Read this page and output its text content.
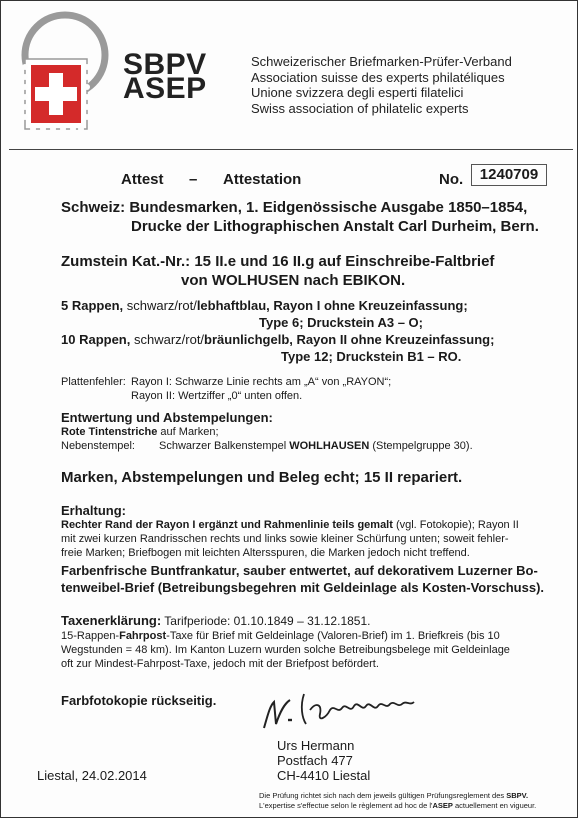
SBPV
ASEP
Schweizerischer Briefmarken-Prüfer-Verband
Association suisse des experts philatéliques
Unione svizzera degli esperti filatelici
Swiss association of philatelic experts
Attest – Attestation	No.	1240709
Schweiz: Bundesmarken, 1. Eidgenössische Ausgabe 1850–1854,
Drucke der Lithographischen Anstalt Carl Durheim, Bern.
Zumstein Kat.-Nr.: 15 II.e und 16 II.g auf Einschreibe-Faltbrief
von WOLHUSEN nach EBIKON.
5 Rappen, schwarz/rot/lebhaftblau, Rayon I ohne Kreuzeinfassung;
Type 6; Druckstein A3 – O;
10 Rappen, schwarz/rot/bräunlichgelb, Rayon II ohne Kreuzeinfassung;
Type 12; Druckstein B1 – RO.
Plattenfehler: Rayon I: Schwarze Linie rechts am „A“ von „RAYON“;
Rayon II: Wertziffer „0“ unten offen.
Entwertung und Abstempelungen:
Rote Tintenstriche auf Marken;
Nebenstempel: Schwarzer Balkenstempel WOHLHAUSEN (Stempelgruppe 30).
Marken, Abstempelungen und Beleg echt; 15 II repariert.
Erhaltung:
Rechter Rand der Rayon I ergänzt und Rahmenlinie teils gemalt (vgl. Fotokopie); Rayon II
mit zwei kurzen Randrisschen rechts und links sowie kleiner Schürfung unten; soweit fehler-
freie Marken; Briefbogen mit leichten Altersspuren, die Marken jedoch nicht treffend.
Farbenfrische Buntfrankatur, sauber entwertet, auf dekorativem Luzerner Bo-
tenweibel-Brief (Betreibungsbegehren mit Geldeinlage als Kosten-Vorschuss).
Taxenerklärung: Tarifperiode: 01.10.1849 – 31.12.1851.
15-Rappen-Fahrpost-Taxe für Brief mit Geldeinlage (Valoren-Brief) im 1. Briefkreis (bis 10
Wegstunden = 48 km). Im Kanton Luzern wurden solche Betreibungsbelege mit Geldeinlage
oft zur Mindest-Fahrpost-Taxe, jedoch mit der Briefpost befördert.
Farbfotokopie rückseitig.
Urs Hermann
Postfach 477
CH-4410 Liestal
Liestal, 24.02.2014
Die Prüfung richtet sich nach dem jeweils gültigen Prüfungsreglement des SBPV.
L'expertise s'effectue selon le règlement ad hoc de l'ASEP actuellement en vigueur.
